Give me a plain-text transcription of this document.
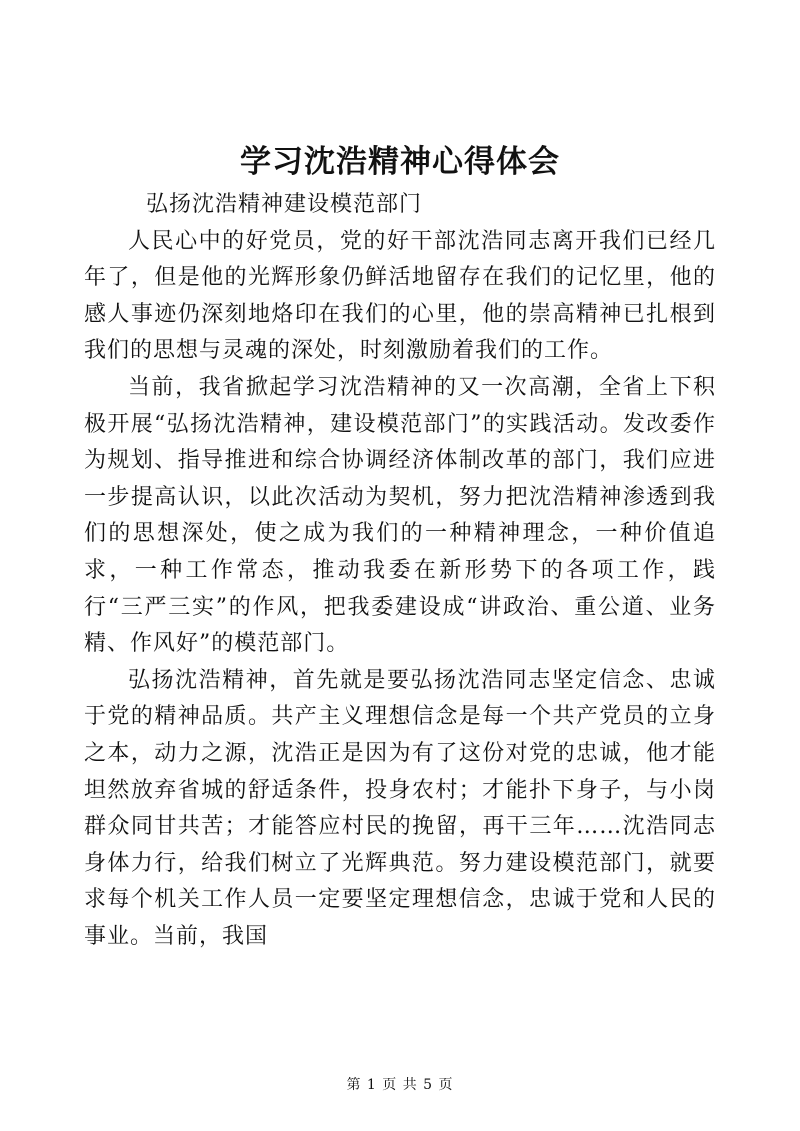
学习沈浩精神心得体会

弘扬沈浩精神建设模范部门

人民心中的好党员，党的好干部沈浩同志离开我们已经几年了，但是他的光辉形象仍鲜活地留存在我们的记忆里，他的感人事迹仍深刻地烙印在我们的心里，他的崇高精神已扎根到我们的思想与灵魂的深处，时刻激励着我们的工作。

当前，我省掀起学习沈浩精神的又一次高潮，全省上下积极开展“弘扬沈浩精神，建设模范部门”的实践活动。发改委作为规划、指导推进和综合协调经济体制改革的部门，我们应进一步提高认识，以此次活动为契机，努力把沈浩精神渗透到我们的思想深处，使之成为我们的一种精神理念，一种价值追求，一种工作常态，推动我委在新形势下的各项工作，践行“三严三实”的作风，把我委建设成“讲政治、重公道、业务精、作风好”的模范部门。

弘扬沈浩精神，首先就是要弘扬沈浩同志坚定信念、忠诚于党的精神品质。共产主义理想信念是每一个共产党员的立身之本，动力之源，沈浩正是因为有了这份对党的忠诚，他才能坦然放弃省城的舒适条件，投身农村；才能扑下身子，与小岗群众同甘共苦；才能答应村民的挽留，再干三年……沈浩同志身体力行，给我们树立了光辉典范。努力建设模范部门，就要求每个机关工作人员一定要坚定理想信念，忠诚于党和人民的事业。当前，我国

第 1 页 共 5 页
